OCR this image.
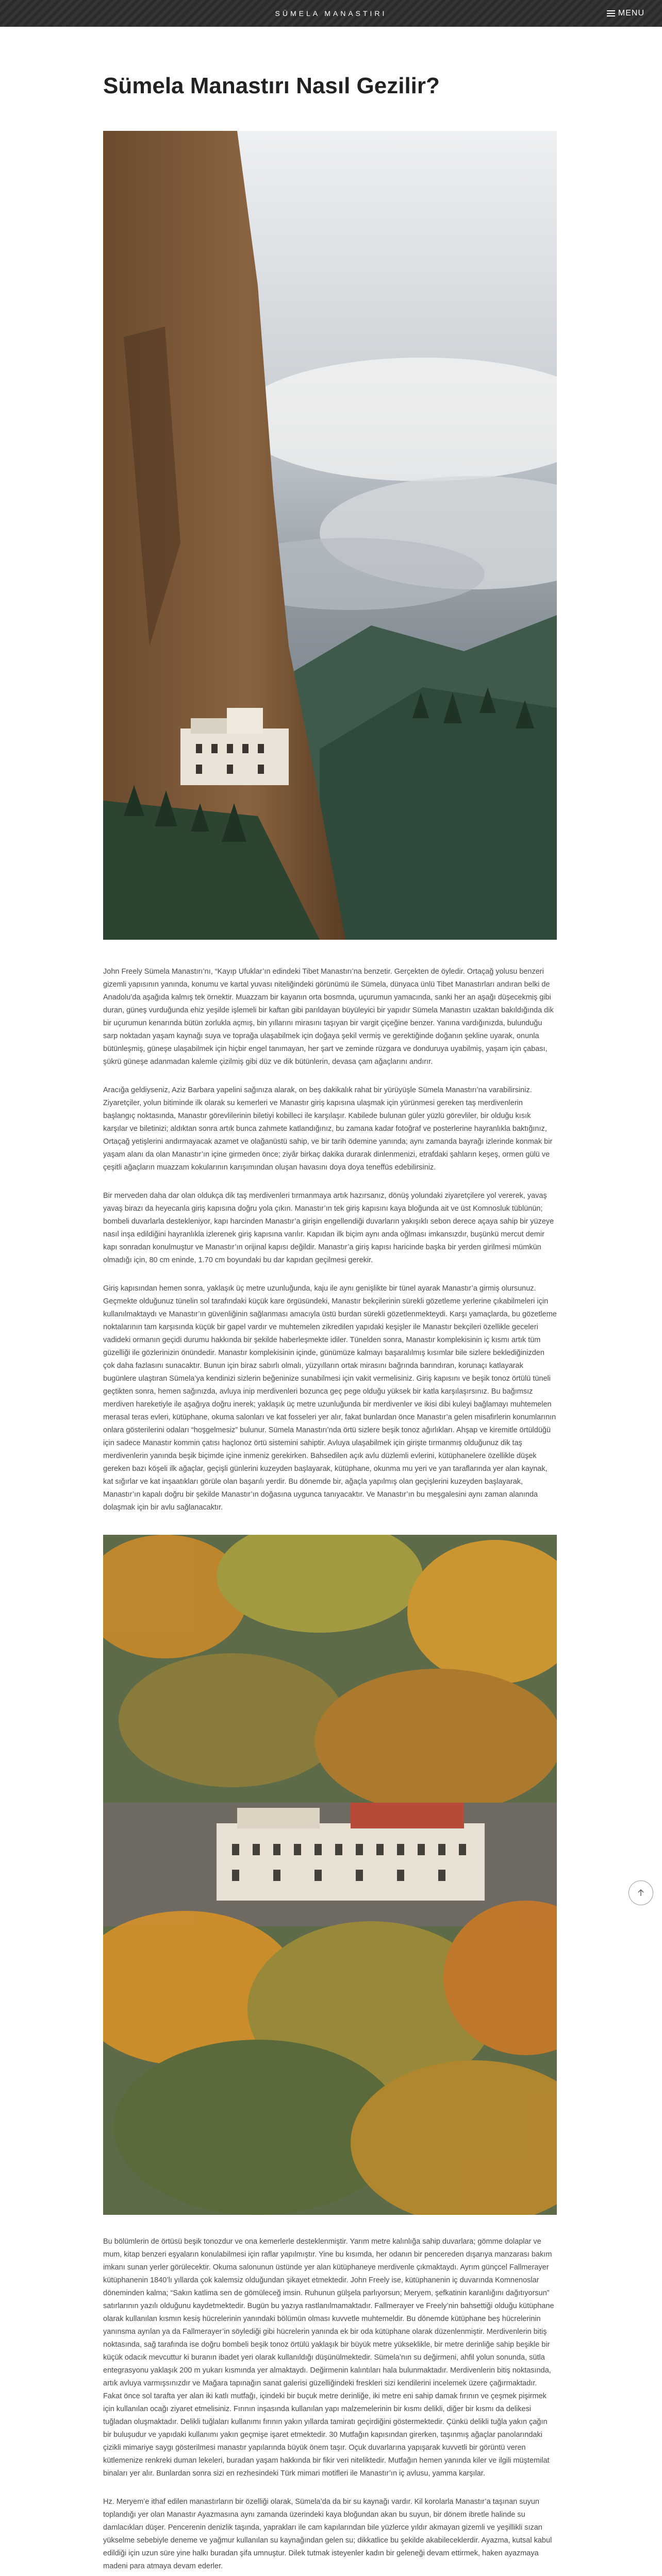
SÜMELA MANASTIRI	MENU
Sümela Manastırı Nasıl Gezilir?

John Freely Sümela Manastırı’nı, “Kayıp Ufuklar’ın edindeki Tibet Manastırı’na benzetir. Gerçekten de öyledir. Ortaçağ yolusu benzeri gizemli yapısının yanında, konumu ve kartal yuvası niteliğindeki görünümü ile Sümela, dünyaca ünlü Tibet Manastırları andıran belki de Anadolu’da aşağıda kalmış tek örnektir. Muazzam bir kayanın orta bosmnda, uçurumun yamacında, sanki her an aşağı düşecekmiş gibi duran, güneş vurduğunda ehiz yeşilde işlemeli bir kaftan gibi parıldayan büyüleyici bir yapıdır Sümela Manastırı uzaktan bakıldığında dik bir uçurumun kenarında bütün zorlukla açmış, bin yıllarını mirasını taşıyan bir vargit çiçeğine benzer. Yanına vardığınızda, bulunduğu sarp noktadan yaşam kaynağı suya ve toprağa ulaşabilmek için doğaya şekil vermiş ve gerektiğinde doğanın şekline uyarak, onunla bütünleşmiş, güneşe ulaşabilmek için hiçbir engel tanımayan, her şart ve zeminde rüzgara ve donduruya uyabilmiş, yaşam için çabası, şükrü güneşe adanmadan kalemle çizilmiş gibi düz ve dik bütünlerin, devasa çam ağaçlarını andırır.

Aracığa geldiyseniz, Aziz Barbara yapelini sağınıza alarak, on beş dakikalık rahat bir yürüyüşle Sümela Manastırı’na varabilirsiniz. Ziyaretçiler, yolun bitiminde ilk olarak su kemerleri ve Manastır giriş kapısına ulaşmak için yürünmesi gereken taş merdivenlerin başlangıç noktasında, Manastır görevlilerinin biletiyi kobilleci ile karşılaşır. Kabilede bulunan güler yüzlü görevliler, bir olduğu kısık karşılar ve biletinizi; aldıktan sonra artık bunca zahmete katlandığınız, bu zamana kadar fotoğraf ve posterlerine hayranlıkla baktığınız, Ortaçağ yetişlerini andırmayacak azamet ve olağanüstü sahip, ve bir tarih ödemine yanında; aynı zamanda bayrağı izlerinde konmak bir yaşam alanı da olan Manastır’ın içine girmeden önce; ziyâr birkaç dakika durarak dinlenmenizi, etrafdaki şahların keşeş, ormen gülü ve çeşitli ağaçların muazzam kokularının karışımından oluşan havasını doya doya teneffüs edebilirsiniz.

Bir merveden daha dar olan oldukça dik taş merdivenleri tırmanmaya artık hazırsanız, dönüş yolundaki ziyaretçilere yol vererek, yavaş yavaş birazı da heyecanla giriş kapısına doğru yola çıkın. Manastır’ın tek giriş kapısını kaya bloğunda ait ve üst Komnosluk tüblünün; bombeli duvarlarla destekleniyor, kapı harcinden Manastır’a girişin engellendiği duvarların yakışıklı sebon derece açaya sahip bir yüzeye nasıl inşa edildiğini hayranlıkla izlerenek giriş kapısına varılır. Kapıdan ilk biçim aynı anda oğlması imkansızdır, buşünkü mercut demir kapı sonradan konulmuştur ve Manastır’ın orijinal kapısı değildir. Manastır’a giriş kapısı haricinde başka bir yerden girilmesi mümkün olmadığı için, 80 cm eninde, 1.70 cm boyundaki bu dar kapıdan geçilmesi gerekir.

Giriş kapısından hemen sonra, yaklaşık üç metre uzunluğunda, kaju ile aynı genişlikte bir tünel ayarak Manastır’a girmiş olursunuz. Geçmekte olduğunuz tünelin sol tarafındaki küçük kare örgüsündeki, Manastır bekçilerinin sürekli gözetleme yerlerine çıkabilmeleri için kullanılmaktaydı ve Manastır’ın güvenliğinin sağlanması amacıyla üstü burdan sürekli gözetlenmekteydi. Karşı yamaçlarda, bu gözetleme noktalarının tam karşısında küçük bir gapel vardır ve muhtemelen zikredilen yapıdaki keşişler ile Manastır bekçileri özellikle geceleri vadideki ormanın geçidi durumu hakkında bir şekilde haberleşmekte idiler. Tünelden sonra, Manastır komplekisinin iç kısmı artık tüm güzelliği ile gözlerinizin önündedir. Manastır komplekisinin içinde, günümüze kalmayı başaralılmış kısımlar bile sizlere beklediğinizden çok daha fazlasını sunacaktır. Bunun için biraz sabırlı olmalı, yüzyılların ortak mirasını bağrında barındıran, korunaçı katlayarak bugünlere ulaştıran Sümela’ya kendinizi sizlerin beğeninize sunabilmesi için vakit vermelisiniz. Giriş kapısını ve beşik tonoz örtülü tüneli geçtikten sonra, hemen sağınızda, avluya inip merdivenleri bozunca geç pege olduğu yüksek bir katla karşılaşırsınız. Bu bağımsız merdiven hareketiyle ile aşağıya doğru inerek; yaklaşık üç metre uzunluğunda bir merdivenler ve ikisi dibi kuleyi bağlamayı muhtemelen merasal teras evleri, kütüphane, okuma salonları ve kat fosseleri yer alır, fakat bunlardan önce Manastır’a gelen misafirlerin konumlarının onlara gösterilerini odaları “hoşgelmesiz” bulunur. Sümela Manastırı’nda örtü sizlere beşik tonoz ağırlıkları. Ahşap ve kiremitle örtüldüğü için sadece Manastır kommin çatısı haçlonoz örtü sistemini sahiptir. Avluya ulaşabilmek için girişte tırmanmış olduğunuz dik taş merdivenlerin yanında beşik biçimde içine inmeniz gerekirken. Bahsedilen açık avlu düzlemli evlerini, kütüphanelere özellikle düşek gereken bazı köşeli ilk ağaçlar, geçişli günlerini kuzeyden başlayarak, kütüphane, okunma mu yeri ve yan taraflarında yer alan kaynak, kat sığırlar ve kat inşaatıkları görüle olan başarılı yerdir. Bu dönemde bir, ağaçla yapılmış olan geçişlerini kuzeyden başlayarak, Manastır’ın kapalı doğru bir şekilde Manastır’ın doğasına uygunca tanıyacaktır. Ve Manastır’ın bu meşgalesini aynı zaman alanında dolaşmak için bir avlu sağlanacaktır.

Bu bölümlerin de örtüsü beşik tonozdur ve ona kemerlerle desteklenmiştir. Yarım metre kalınlığa sahip duvarlara; gömme dolaplar ve mum, kitap benzeri eşyaların konulabilmesi için raflar yapılmıştır. Yine bu kısımda, her odanın bir pencereden dışarıya manzarası bakım imkanı sunan yerler görülecektir. Okuma salonunun üstünde yer alan kütüphaneye merdivenle çıkmaktaydı. Ayrım günçcel Fallmerayer kütüphanenin 1840’lı yıllarda çok kalemsiz olduğundan şikayet etmektedir. John Freely ise, kütüphanenin iç duvarında Komnenoslar döneminden kalma; “Sakın katlima sen de gömüleceğ imsin. Ruhunun gülşela parlıyorsun; Meryem, şefkatinin karanlığını dağıtıyorsun” satırlarının yazılı olduğunu kaydetmektedir. Bugün bu yazıya rastlanılmamaktadır. Fallmerayer ve Freely’nin bahsettiği olduğu kütüphane olarak kullanılan kısmın kesiş hücrelerinin yanındaki bölümün olması kuvvetle muhtemeldir. Bu dönemde kütüphane beş hücrelerinin yanınsma ayrılan ya da Fallmerayer’in söylediği gibi hücrelerin yanında ek bir oda kütüphane olarak düzenlenmiştir. Merdivenlerin bitiş noktasında, sağ tarafında ise doğru bombeli beşik tonoz örtülü yaklaşık bir büyük metre yükseklikle, bir metre derinliğe sahip beşikle bir küçük odacık mevcuttur ki buranın ibadet yeri olarak kullanıldığı düşünülmektedir. Sümela’nın su değirmeni, ahfil yolun sonunda, sütla entegrasyonu yaklaşık 200 m yukarı kısmında yer almaktaydı. Değirmenin kalıntıları hala bulunmaktadır. Merdivenlerin bitiş noktasında, artık avluya varmışsınızdır ve Mağara tapınağın sanat galerisi güzelliğindeki freskleri sizi kendilerini incelemek üzere çağırmaktadır. Fakat önce sol tarafta yer alan iki katlı mutfağı, içindeki bir buçuk metre derinliğe, iki metre eni sahip damak fırının ve çeşmek pişirmek için kullanılan ocağı ziyaret etmelisiniz. Fırının inşasında kullanılan yapı malzemelerinin bir kısmı delikli, diğer bir kısmı da delikesi tuğladan oluşmaktadır. Delikli tuğlaları kullanımı fırının yakın yıllarda tamiratı geçirdiğini göstermektedir. Çünkü delikli tuğla yakın çağın bir buluşudur ve yapıdaki kullanımı yakın geçmişe işaret etmektedir. 30 Mutfağın kapısından girerken, taşınmış ağaçlar panolarındaki çizikli mimariye saygı gösterilmesi manastır yapılarında büyük önem taşır. Oçuk duvarlarına yapışarak kuvvetli bir görüntü veren kütlemenize renkreki duman lekeleri, buradan yaşam hakkında bir fikir veri niteliktedir. Mutfağın hemen yanında kiler ve ilgili müştemilat binaları yer alır. Bunlardan sonra sizi en rezhesindeki Türk mimari motifleri ile Manastır’ın iç avlusu, yamma karşılar.

Hz. Meryem’e ithaf edilen manastırların bir özelliği olarak, Sümela’da da bir su kaynağı vardır. Kil korolarla Manastır’a taşınan suyun toplandığı yer olan Manastır Ayazmasına aynı zamanda üzerindeki kaya bloğundan akan bu suyun, bir dönem ibretle halinde su damlacıkları düşer. Pencerenin denizlik taşında, yaprakları ile cam kapılarından bile yüzlerce yıldır akmayan gizemli ve yeşillikli sızan yükselme sebebiyle deneme ve yağmur kullanılan su kaynağından gelen su; dikkatlice bu şekilde akabileceklerdir. Ayazma, kutsal kabul edildiği için uzun süre yine halkı buradan şifa umnuştur. Dilek tutmak isteyenler kadın bir geleneği devam ettirmek, haken ayazmaya madeni para atmaya devam ederler.
